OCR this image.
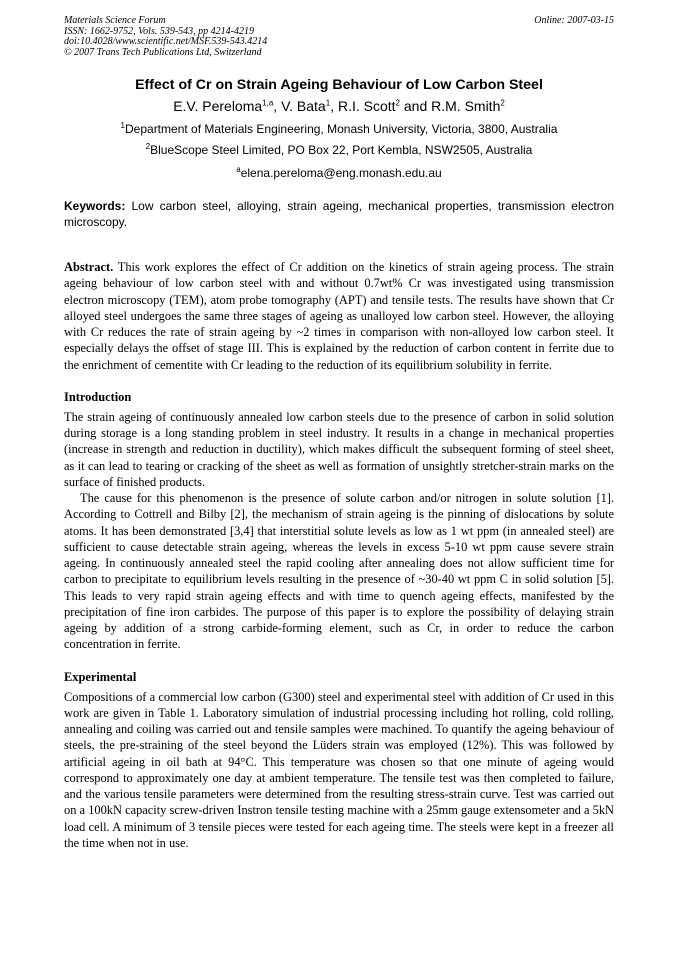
Materials Science Forum	Online: 2007-03-15
ISSN: 1662-9752, Vols. 539-543, pp 4214-4219
doi:10.4028/www.scientific.net/MSF.539-543.4214
© 2007 Trans Tech Publications Ltd, Switzerland
Effect of Cr on Strain Ageing Behaviour of Low Carbon Steel
E.V. Pereloma$^{1,a}$, V. Bata$^1$, R.I. Scott$^2$ and R.M. Smith$^2$
$^1$Department of Materials Engineering, Monash University, Victoria, 3800, Australia
$^2$BlueScope Steel Limited, PO Box 22, Port Kembla, NSW2505, Australia
$^a$elena.pereloma@eng.monash.edu.au
Keywords: Low carbon steel, alloying, strain ageing, mechanical properties, transmission electron microscopy.
Abstract. This work explores the effect of Cr addition on the kinetics of strain ageing process. The strain ageing behaviour of low carbon steel with and without 0.7wt% Cr was investigated using transmission electron microscopy (TEM), atom probe tomography (APT) and tensile tests. The results have shown that Cr alloyed steel undergoes the same three stages of ageing as unalloyed low carbon steel. However, the alloying with Cr reduces the rate of strain ageing by ~2 times in comparison with non-alloyed low carbon steel. It especially delays the offset of stage III. This is explained by the reduction of carbon content in ferrite due to the enrichment of cementite with Cr leading to the reduction of its equilibrium solubility in ferrite.
Introduction

The strain ageing of continuously annealed low carbon steels due to the presence of carbon in solid solution during storage is a long standing problem in steel industry. It results in a change in mechanical properties (increase in strength and reduction in ductility), which makes difficult the subsequent forming of steel sheet, as it can lead to tearing or cracking of the sheet as well as formation of unsightly stretcher-strain marks on the surface of finished products.

The cause for this phenomenon is the presence of solute carbon and/or nitrogen in solute solution [1]. According to Cottrell and Bilby [2], the mechanism of strain ageing is the pinning of dislocations by solute atoms. It has been demonstrated [3,4] that interstitial solute levels as low as 1 wt ppm (in annealed steel) are sufficient to cause detectable strain ageing, whereas the levels in excess 5-10 wt ppm cause severe strain ageing. In continuously annealed steel the rapid cooling after annealing does not allow sufficient time for carbon to precipitate to equilibrium levels resulting in the presence of ~30-40 wt ppm C in solid solution [5]. This leads to very rapid strain ageing effects and with time to quench ageing effects, manifested by the precipitation of fine iron carbides. The purpose of this paper is to explore the possibility of delaying strain ageing by addition of a strong carbide-forming element, such as Cr, in order to reduce the carbon concentration in ferrite.

Experimental

Compositions of a commercial low carbon (G300) steel and experimental steel with addition of Cr used in this work are given in Table 1. Laboratory simulation of industrial processing including hot rolling, cold rolling, annealing and coiling was carried out and tensile samples were machined. To quantify the ageing behaviour of steels, the pre-straining of the steel beyond the Lüders strain was employed (12%). This was followed by artificial ageing in oil bath at 94°C. This temperature was chosen so that one minute of ageing would correspond to approximately one day at ambient temperature. The tensile test was then completed to failure, and the various tensile parameters were determined from the resulting stress-strain curve. Test was carried out on a 100kN capacity screw-driven Instron tensile testing machine with a 25mm gauge extensometer and a 5kN load cell. A minimum of 3 tensile pieces were tested for each ageing time. The steels were kept in a freezer all the time when not in use.
